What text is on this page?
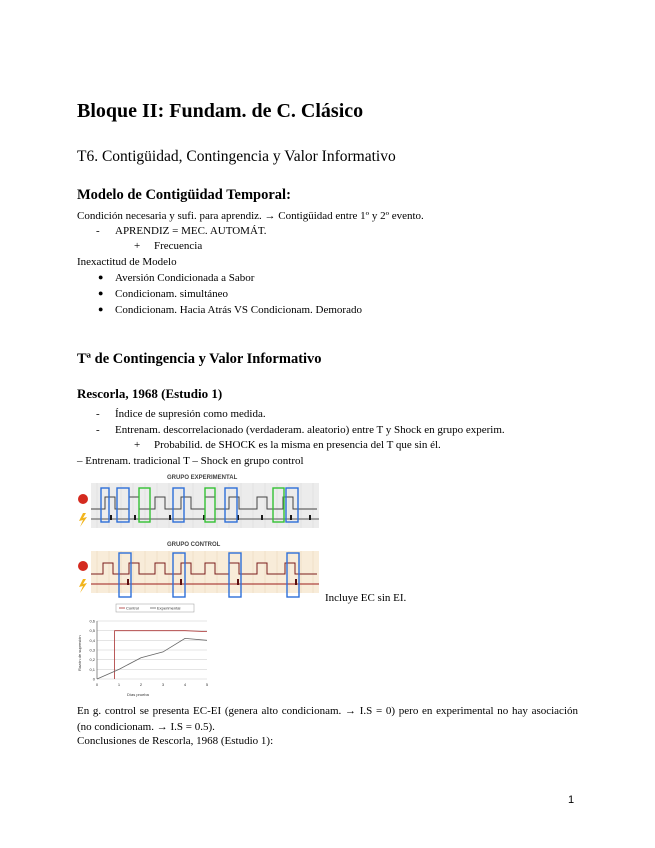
Bloque II: Fundam. de C. Clásico
T6. Contigüidad, Contingencia y Valor Informativo
Modelo de Contigüidad Temporal:
Condición necesaria y sufi. para aprendiz. → Contigüidad entre 1º y 2º evento.
- APRENDIZ = MEC. AUTOMÁT.
+ Frecuencia
Inexactitud de Modelo
● Aversión Condicionada a Sabor
● Condicionam. simultáneo
● Condicionam. Hacia Atrás VS Condicionam. Demorado
Tª de Contingencia y Valor Informativo
Rescorla, 1968 (Estudio 1)
- Índice de supresión como medida.
- Entrenam. descorrelacionado (verdaderam. aleatorio) entre T y Shock en grupo experim.
+ Probabilid. de SHOCK es la misma en presencia del T que sin él.
– Entrenam. tradicional T – Shock en grupo control
GRUPO EXPERIMENTAL
GRUPO CONTROL
Incluye EC sin EI.
Control	Experimental
Razón de supresión
Días prueba
0
0,1
0,2
0,3
0,4
0,5
0,6
0	1	2	3	4	5
En g. control se presenta EC-EI (genera alto condicionam. → I.S = 0) pero en experimental no hay asociación (no condicionam. → I.S = 0.5).
Conclusiones de Rescorla, 1968 (Estudio 1):
1
